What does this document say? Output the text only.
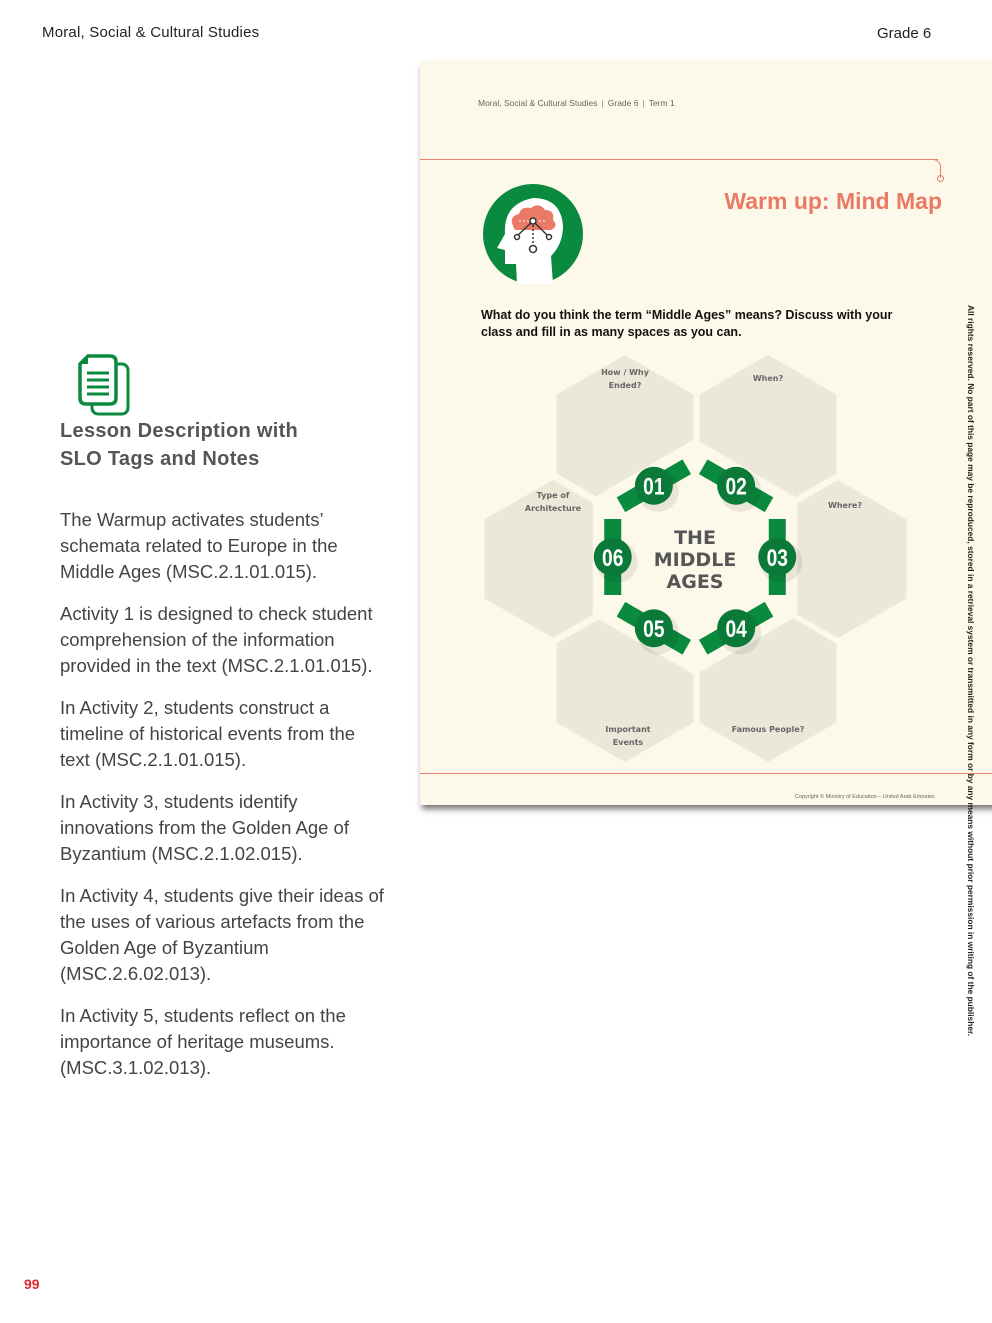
Moral, Social & Cultural Studies	Grade 6
Lesson Description with
SLO Tags and Notes

The Warmup activates students’ schemata related to Europe in the Middle Ages (MSC.2.1.01.015).

Activity 1 is designed to check student comprehension of the information provided in the text (MSC.2.1.01.015).

In Activity 2, students construct a timeline of historical events from the text (MSC.2.1.01.015).

In Activity 3, students identify innovations from the Golden Age of Byzantium (MSC.2.1.02.015).

In Activity 4, students give their ideas of the uses of various artefacts from the Golden Age of Byzantium (MSC.2.6.02.013).

In Activity 5, students reflect on the importance of heritage museums. (MSC.3.1.02.013).

99
Moral, Social & Cultural Studies | Grade 6 | Term 1
Warm up: Mind Map
What do you think the term “Middle Ages” means? Discuss with your class and fill in as many spaces as you can.
How / Why Ended?
When?
Where?
Famous People?
Important Events
Type of Architecture
01	02
03
04
05
06
THE
MIDDLE
AGES
Copyright © Ministry of Education – United Arab Emirates	All rights reserved. No part of this page may be reproduced, stored in a retrieval system or transmitted in any form or by any means without prior permission in writing of the publisher.
